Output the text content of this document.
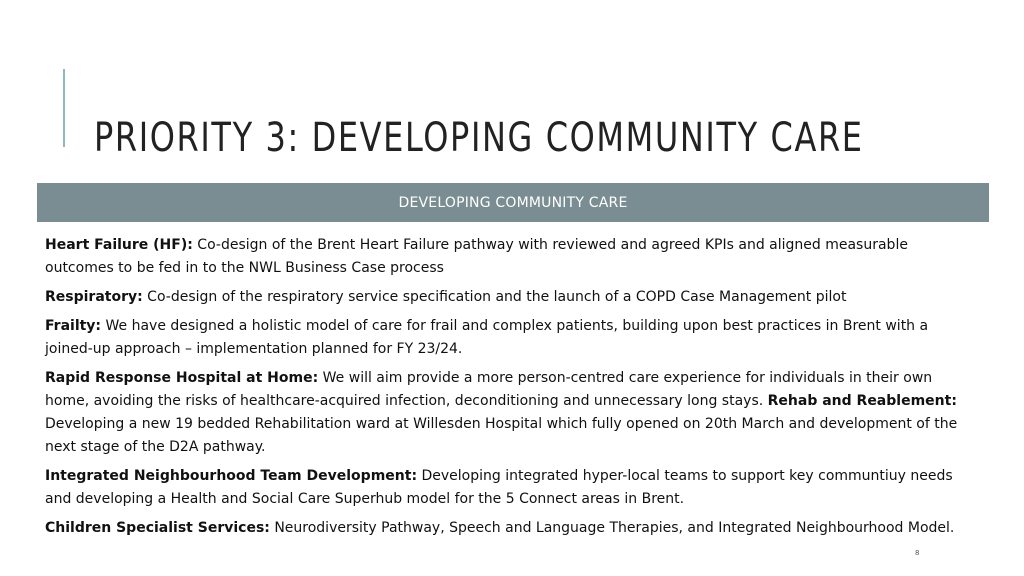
PRIORITY 3: DEVELOPING COMMUNITY CARE
DEVELOPING COMMUNITY CARE

Heart Failure (HF): Co-design of the Brent Heart Failure pathway with reviewed and agreed KPIs and aligned measurable outcomes to be fed in to the NWL Business Case process

Respiratory: Co-design of the respiratory service specification and the launch of a COPD Case Management pilot

Frailty: We have designed a holistic model of care for frail and complex patients, building upon best practices in Brent with a joined-up approach – implementation planned for FY 23/24.

Rapid Response Hospital at Home: We will aim provide a more person-centred care experience for individuals in their own home, avoiding the risks of healthcare-acquired infection, deconditioning and unnecessary long stays. Rehab and Reablement: Developing a new 19 bedded Rehabilitation ward at Willesden Hospital which fully opened on 20th March and development of the next stage of the D2A pathway.

Integrated Neighbourhood Team Development: Developing integrated hyper-local teams to support key communtiuy needs and developing a Health and Social Care Superhub model for the 5 Connect areas in Brent.

Children Specialist Services: Neurodiversity Pathway, Speech and Language Therapies, and Integrated Neighbourhood Model.

8
